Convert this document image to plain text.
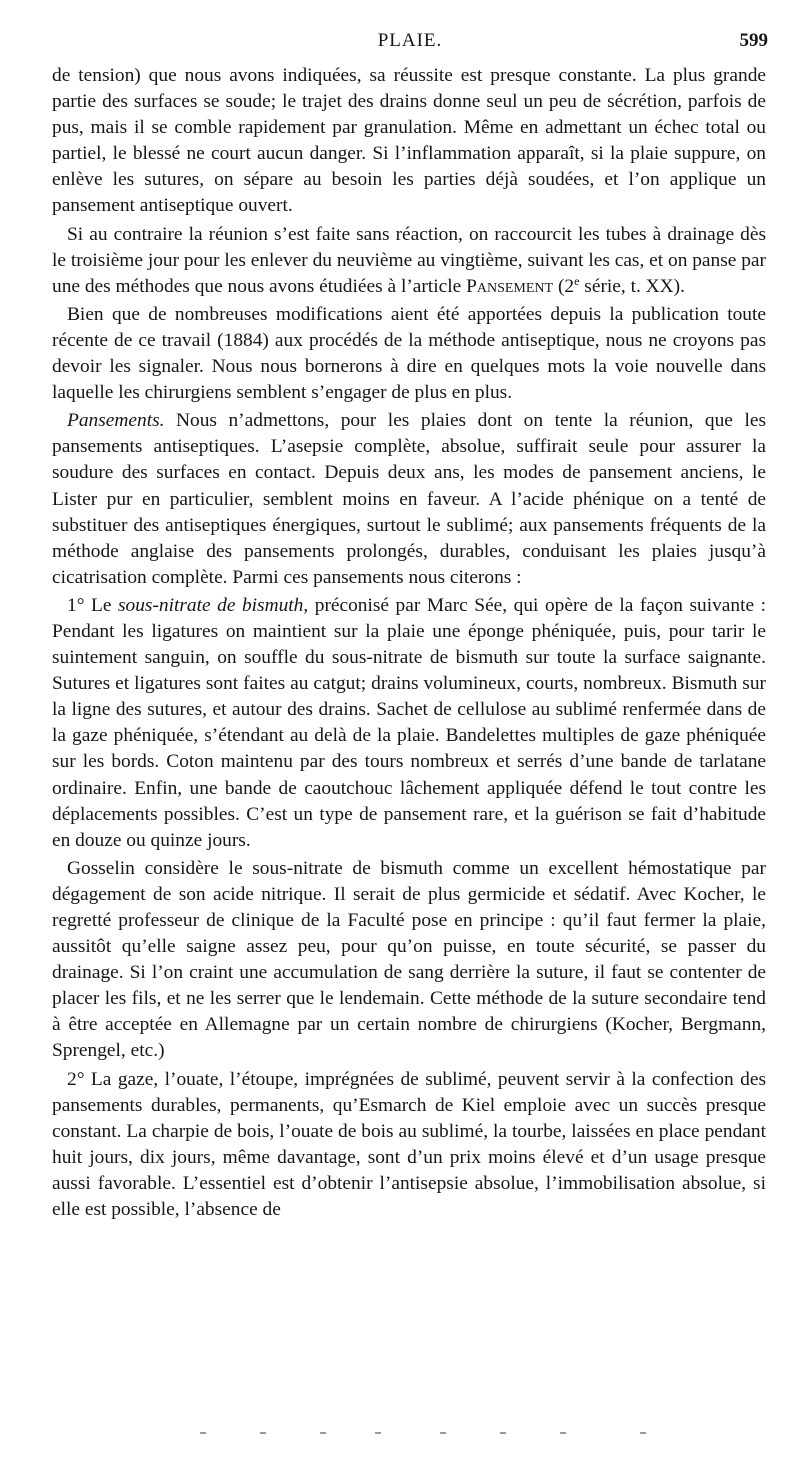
PLAIE.	599

de tension) que nous avons indiquées, sa réussite est presque constante. La plus grande partie des surfaces se soude; le trajet des drains donne seul un peu de sécrétion, parfois de pus, mais il se comble rapidement par granulation. Même en admettant un échec total ou partiel, le blessé ne court aucun danger. Si l’inflammation apparaît, si la plaie suppure, on enlève les sutures, on sépare au besoin les parties déjà soudées, et l’on applique un pansement antiseptique ouvert.

Si au contraire la réunion s’est faite sans réaction, on raccourcit les tubes à drainage dès le troisième jour pour les enlever du neuvième au vingtième, suivant les cas, et on panse par une des méthodes que nous avons étudiées à l’article Pansement (2e série, t. XX).

Bien que de nombreuses modifications aient été apportées depuis la publication toute récente de ce travail (1884) aux procédés de la méthode antiseptique, nous ne croyons pas devoir les signaler. Nous nous bornerons à dire en quelques mots la voie nouvelle dans laquelle les chirurgiens semblent s’engager de plus en plus.

Pansements. Nous n’admettons, pour les plaies dont on tente la réunion, que les pansements antiseptiques. L’asepsie complète, absolue, suffirait seule pour assurer la soudure des surfaces en contact. Depuis deux ans, les modes de pansement anciens, le Lister pur en particulier, semblent moins en faveur. A l’acide phénique on a tenté de substituer des antiseptiques énergiques, surtout le sublimé; aux pansements fréquents de la méthode anglaise des pansements prolongés, durables, conduisant les plaies jusqu’à cicatrisation complète. Parmi ces pansements nous citerons :

1° Le sous-nitrate de bismuth, préconisé par Marc Sée, qui opère de la façon suivante : Pendant les ligatures on maintient sur la plaie une éponge phéniquée, puis, pour tarir le suintement sanguin, on souffle du sous-nitrate de bismuth sur toute la surface saignante. Sutures et ligatures sont faites au catgut; drains volumineux, courts, nombreux. Bismuth sur la ligne des sutures, et autour des drains. Sachet de cellulose au sublimé renfermée dans de la gaze phéniquée, s’étendant au delà de la plaie. Bandelettes multiples de gaze phéniquée sur les bords. Coton maintenu par des tours nombreux et serrés d’une bande de tarlatane ordinaire. Enfin, une bande de caoutchouc lâchement appliquée défend le tout contre les déplacements possibles. C’est un type de pansement rare, et la guérison se fait d’habitude en douze ou quinze jours.

Gosselin considère le sous-nitrate de bismuth comme un excellent hémostatique par dégagement de son acide nitrique. Il serait de plus germicide et sédatif. Avec Kocher, le regretté professeur de clinique de la Faculté pose en principe : qu’il faut fermer la plaie, aussitôt qu’elle saigne assez peu, pour qu’on puisse, en toute sécurité, se passer du drainage. Si l’on craint une accumulation de sang derrière la suture, il faut se contenter de placer les fils, et ne les serrer que le lendemain. Cette méthode de la suture secondaire tend à être acceptée en Allemagne par un certain nombre de chirurgiens (Kocher, Bergmann, Sprengel, etc.)

2° La gaze, l’ouate, l’étoupe, imprégnées de sublimé, peuvent servir à la confection des pansements durables, permanents, qu’Esmarch de Kiel emploie avec un succès presque constant. La charpie de bois, l’ouate de bois au sublimé, la tourbe, laissées en place pendant huit jours, dix jours, même davantage, sont d’un prix moins élevé et d’un usage presque aussi favorable. L’essentiel est d’obtenir l’antisepsie absolue, l’immobilisation absolue, si elle est possible, l’absence de
